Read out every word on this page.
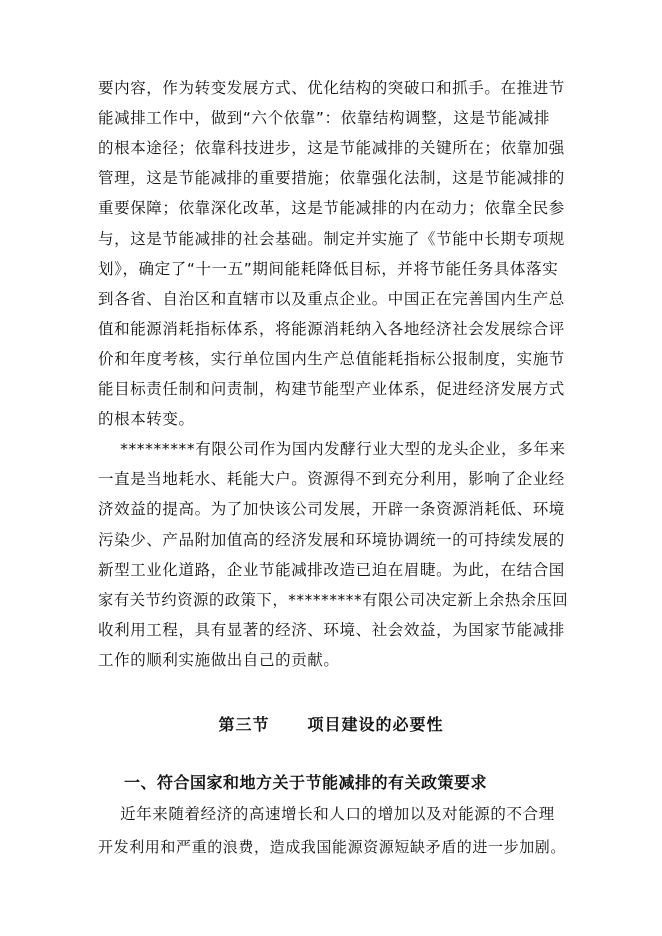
要内容，作为转变发展方式、优化结构的突破口和抓手。在推进节
能减排工作中，做到“六个依靠”：依靠结构调整，这是节能减排
的根本途径；依靠科技进步，这是节能减排的关键所在；依靠加强
管理，这是节能减排的重要措施；依靠强化法制，这是节能减排的
重要保障；依靠深化改革，这是节能减排的内在动力；依靠全民参
与，这是节能减排的社会基础。制定并实施了《节能中长期专项规
划》，确定了“十一五”期间能耗降低目标，并将节能任务具体落实
到各省、自治区和直辖市以及重点企业。中国正在完善国内生产总
值和能源消耗指标体系，将能源消耗纳入各地经济社会发展综合评
价和年度考核，实行单位国内生产总值能耗指标公报制度，实施节
能目标责任制和问责制，构建节能型产业体系，促进经济发展方式
的根本转变。
*********有限公司作为国内发酵行业大型的龙头企业，多年来
一直是当地耗水、耗能大户。资源得不到充分利用，影响了企业经
济效益的提高。为了加快该公司发展，开辟一条资源消耗低、环境
污染少、产品附加值高的经济发展和环境协调统一的可持续发展的
新型工业化道路，企业节能减排改造已迫在眉睫。为此，在结合国
家有关节约资源的政策下，*********有限公司决定新上余热余压回
收利用工程，具有显著的经济、环境、社会效益，为国家节能减排
工作的顺利实施做出自己的贡献。
第三节 项目建设的必要性
一、符合国家和地方关于节能减排的有关政策要求
近年来随着经济的高速增长和人口的增加以及对能源的不合理
开发利用和严重的浪费，造成我国能源资源短缺矛盾的进一步加剧。
